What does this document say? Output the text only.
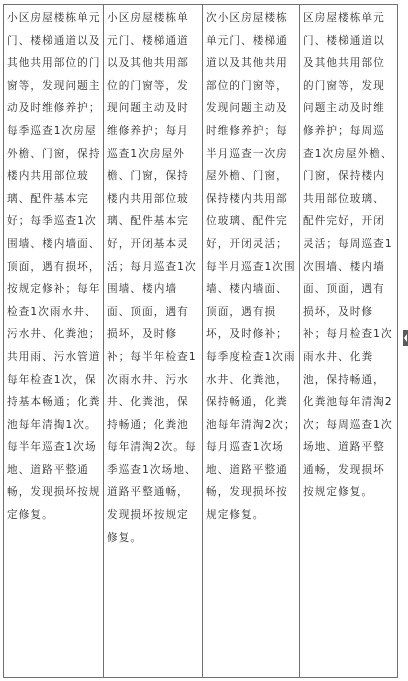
小区房屋楼栋单元门、楼梯通道以及其他共用部位的门窗等，发现问题主动及时维修养护；每季巡查1次房屋外檐、门窗，保持楼内共用部位玻璃、配件基本完好；每季巡查1次围墙、楼内墙面、顶面，遇有损坏，按规定修补；每年检查1次雨水井、污水井、化粪池；共用雨、污水管道每年检查1次，保持基本畅通；化粪池每年清掏1次。每半年巡查1次场地、道路平整通畅，发现损坏按规定修复。	小区房屋楼栋单元门、楼梯通道以及其他共用部位的门窗等，发现问题主动及时维修养护；每月巡查1次房屋外檐、门窗，保持楼内共用部位玻璃、配件基本完好，开闭基本灵活；每月巡查1次围墙、楼内墙面、顶面，遇有损坏，及时修补；每半年检查1次雨水井、污水井、化粪池，保持畅通；化粪池每年清淘2次。每季巡查1次场地、道路平整通畅，发现损坏按规定修复。	次小区房屋楼栋单元门、楼梯通道以及其他共用部位的门窗等，发现问题主动及时维修养护；每半月巡查一次房屋外檐、门窗，保持楼内共用部位玻璃、配件完好，开闭灵活；每半月巡查1次围墙、楼内墙面、顶面，遇有损坏，及时修补；每季度检查1次雨水井、化粪池，保持畅通，化粪池每年清淘2次；每月巡查1次场地、道路平整通畅，发现损坏按规定修复。	区房屋楼栋单元门、楼梯通道以及其他共用部位的门窗等，发现问题主动及时维修养护；每周巡查1次房屋外檐、门窗，保持楼内共用部位玻璃、配件完好，开闭灵活；每周巡查1次围墙、楼内墙面、顶面，遇有损坏，及时修补；每月检查1次雨水井、化粪池，保持畅通，化粪池每年清淘2次；每周巡查1次场地、道路平整通畅，发现损坏按规定修复。
